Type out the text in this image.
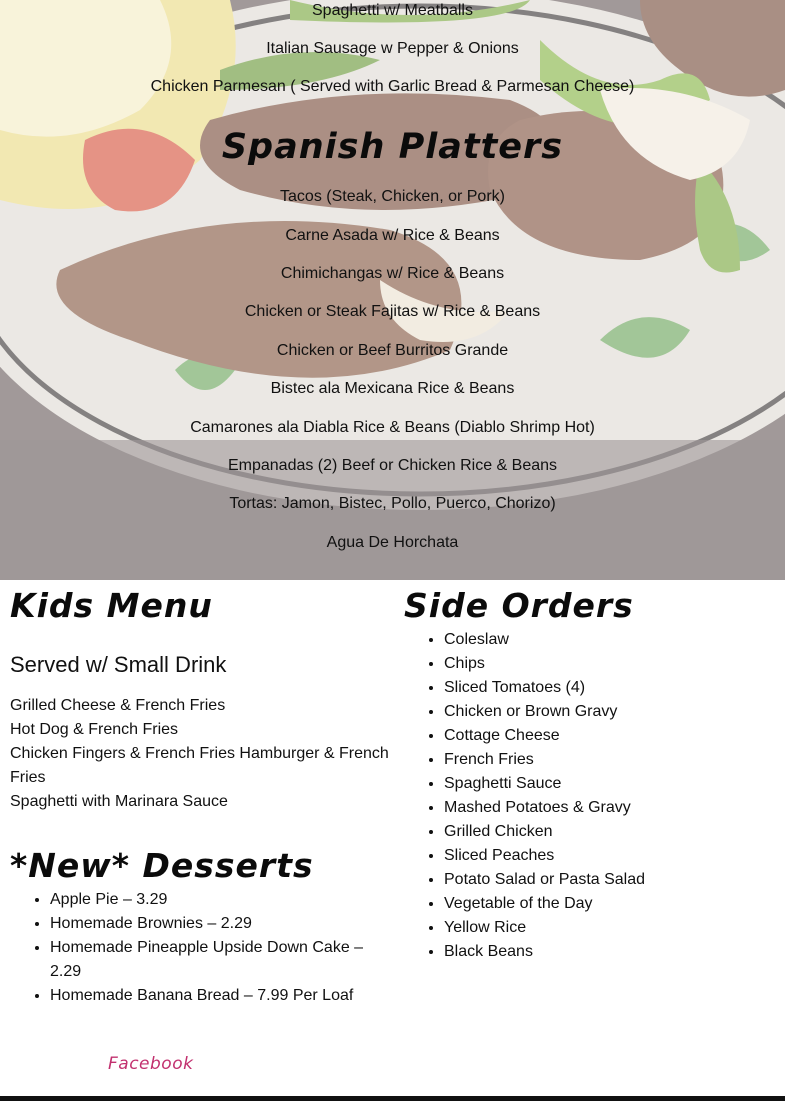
Spaghetti w/ Meatballs
Italian Sausage w Pepper & Onions
Chicken Parmesan ( Served with Garlic Bread & Parmesan Cheese)
Spanish Platters
Tacos (Steak, Chicken, or Pork)
Carne Asada w/ Rice & Beans
Chimichangas w/ Rice & Beans
Chicken or Steak Fajitas w/ Rice & Beans
Chicken or Beef Burritos Grande
Bistec ala Mexicana Rice & Beans
Camarones ala Diabla Rice & Beans (Diablo Shrimp Hot)
Empanadas (2) Beef or Chicken Rice & Beans
Tortas: Jamon, Bistec, Pollo, Puerco, Chorizo)
Agua De Horchata
Kids Menu
Served w/ Small Drink
Grilled Cheese & French Fries
Hot Dog & French Fries
Chicken Fingers & French Fries Hamburger & French Fries
Spaghetti with Marinara Sauce
*New* Desserts
• Apple Pie – 3.29
• Homemade Brownies – 2.29
• Homemade Pineapple Upside Down Cake – 2.29
• Homemade Banana Bread – 7.99 Per Loaf
Side Orders
• Coleslaw
• Chips
• Sliced Tomatoes (4)
• Chicken or Brown Gravy
• Cottage Cheese
• French Fries
• Spaghetti Sauce
• Mashed Potatoes & Gravy
• Grilled Chicken
• Sliced Peaches
• Potato Salad or Pasta Salad
• Vegetable of the Day
• Yellow Rice
• Black Beans
Facebook
